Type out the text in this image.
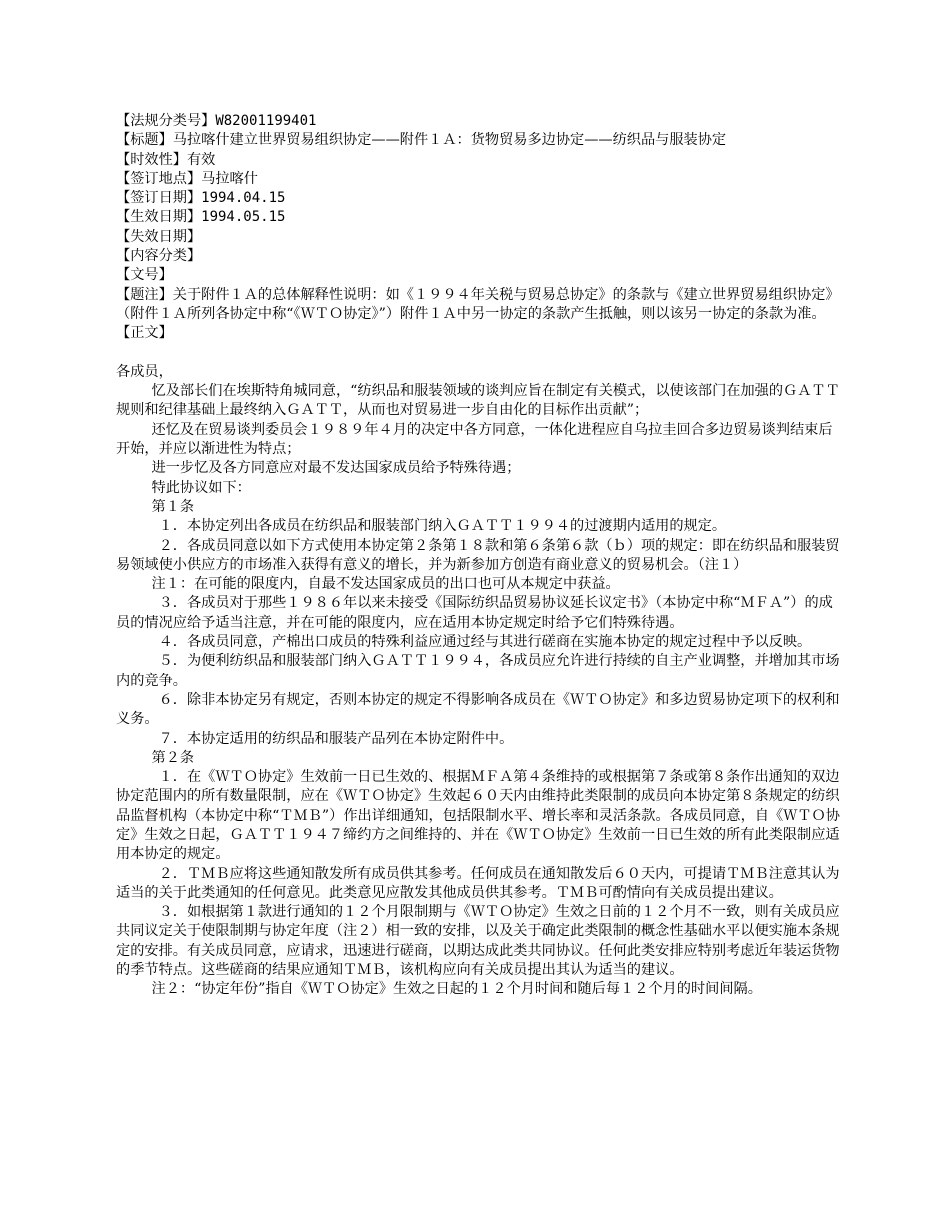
【法规分类号】W82001199401

【标题】马拉喀什建立世界贸易组织协定——附件１Ａ：货物贸易多边协定——纺织品与服装协定

【时效性】有效

【签订地点】马拉喀什

【签订日期】1994.04.15

【生效日期】1994.05.15

【失效日期】

【内容分类】

【文号】

【题注】关于附件１Ａ的总体解释性说明：如《１９９４年关税与贸易总协定》的条款与《建立世界贸易组织协定》（附件１Ａ所列各协定中称“《ＷＴＯ协定》”）附件１Ａ中另一协定的条款产生抵触，则以该另一协定的条款为准。

【正文】

各成员，

忆及部长们在埃斯特角城同意，“纺织品和服装领域的谈判应旨在制定有关模式，以使该部门在加强的ＧＡＴＴ规则和纪律基础上最终纳入ＧＡＴＴ，从而也对贸易进一步自由化的目标作出贡献”；

还忆及在贸易谈判委员会１９８９年４月的决定中各方同意，一体化进程应自乌拉圭回合多边贸易谈判结束后开始，并应以渐进性为特点；

进一步忆及各方同意应对最不发达国家成员给予特殊待遇；

特此协议如下：

第１条

１．本协定列出各成员在纺织品和服装部门纳入ＧＡＴＴ１９９４的过渡期内适用的规定。

２．各成员同意以如下方式使用本协定第２条第１８款和第６条第６款（ｂ）项的规定：即在纺织品和服装贸易领域使小供应方的市场准入获得有意义的增长，并为新参加方创造有商业意义的贸易机会。（注１）

注１：在可能的限度内，自最不发达国家成员的出口也可从本规定中获益。

３．各成员对于那些１９８６年以来未接受《国际纺织品贸易协议延长议定书》（本协定中称“ＭＦＡ”）的成员的情况应给予适当注意，并在可能的限度内，应在适用本协定规定时给予它们特殊待遇。

４．各成员同意，产棉出口成员的特殊利益应通过经与其进行磋商在实施本协定的规定过程中予以反映。

５．为便利纺织品和服装部门纳入ＧＡＴＴ１９９４，各成员应允许进行持续的自主产业调整，并增加其市场内的竞争。

６．除非本协定另有规定，否则本协定的规定不得影响各成员在《ＷＴＯ协定》和多边贸易协定项下的权利和义务。

７．本协定适用的纺织品和服装产品列在本协定附件中。

第２条

１．在《ＷＴＯ协定》生效前一日已生效的、根据ＭＦＡ第４条维持的或根据第７条或第８条作出通知的双边协定范围内的所有数量限制，应在《ＷＴＯ协定》生效起６０天内由维持此类限制的成员向本协定第８条规定的纺织品监督机构（本协定中称“ＴＭＢ”）作出详细通知，包括限制水平、增长率和灵活条款。各成员同意，自《ＷＴＯ协定》生效之日起，ＧＡＴＴ１９４７缔约方之间维持的、并在《ＷＴＯ协定》生效前一日已生效的所有此类限制应适用本协定的规定。

２．ＴＭＢ应将这些通知散发所有成员供其参考。任何成员在通知散发后６０天内，可提请ＴＭＢ注意其认为适当的关于此类通知的任何意见。此类意见应散发其他成员供其参考。ＴＭＢ可酌情向有关成员提出建议。

３．如根据第１款进行通知的１２个月限制期与《ＷＴＯ协定》生效之日前的１２个月不一致，则有关成员应共同议定关于使限制期与协定年度（注２）相一致的安排，以及关于确定此类限制的概念性基础水平以便实施本条规定的安排。有关成员同意，应请求，迅速进行磋商，以期达成此类共同协议。任何此类安排应特别考虑近年装运货物的季节特点。这些磋商的结果应通知ＴＭＢ，该机构应向有关成员提出其认为适当的建议。

注２：“协定年份”指自《ＷＴＯ协定》生效之日起的１２个月时间和随后每１２个月的时间间隔。
